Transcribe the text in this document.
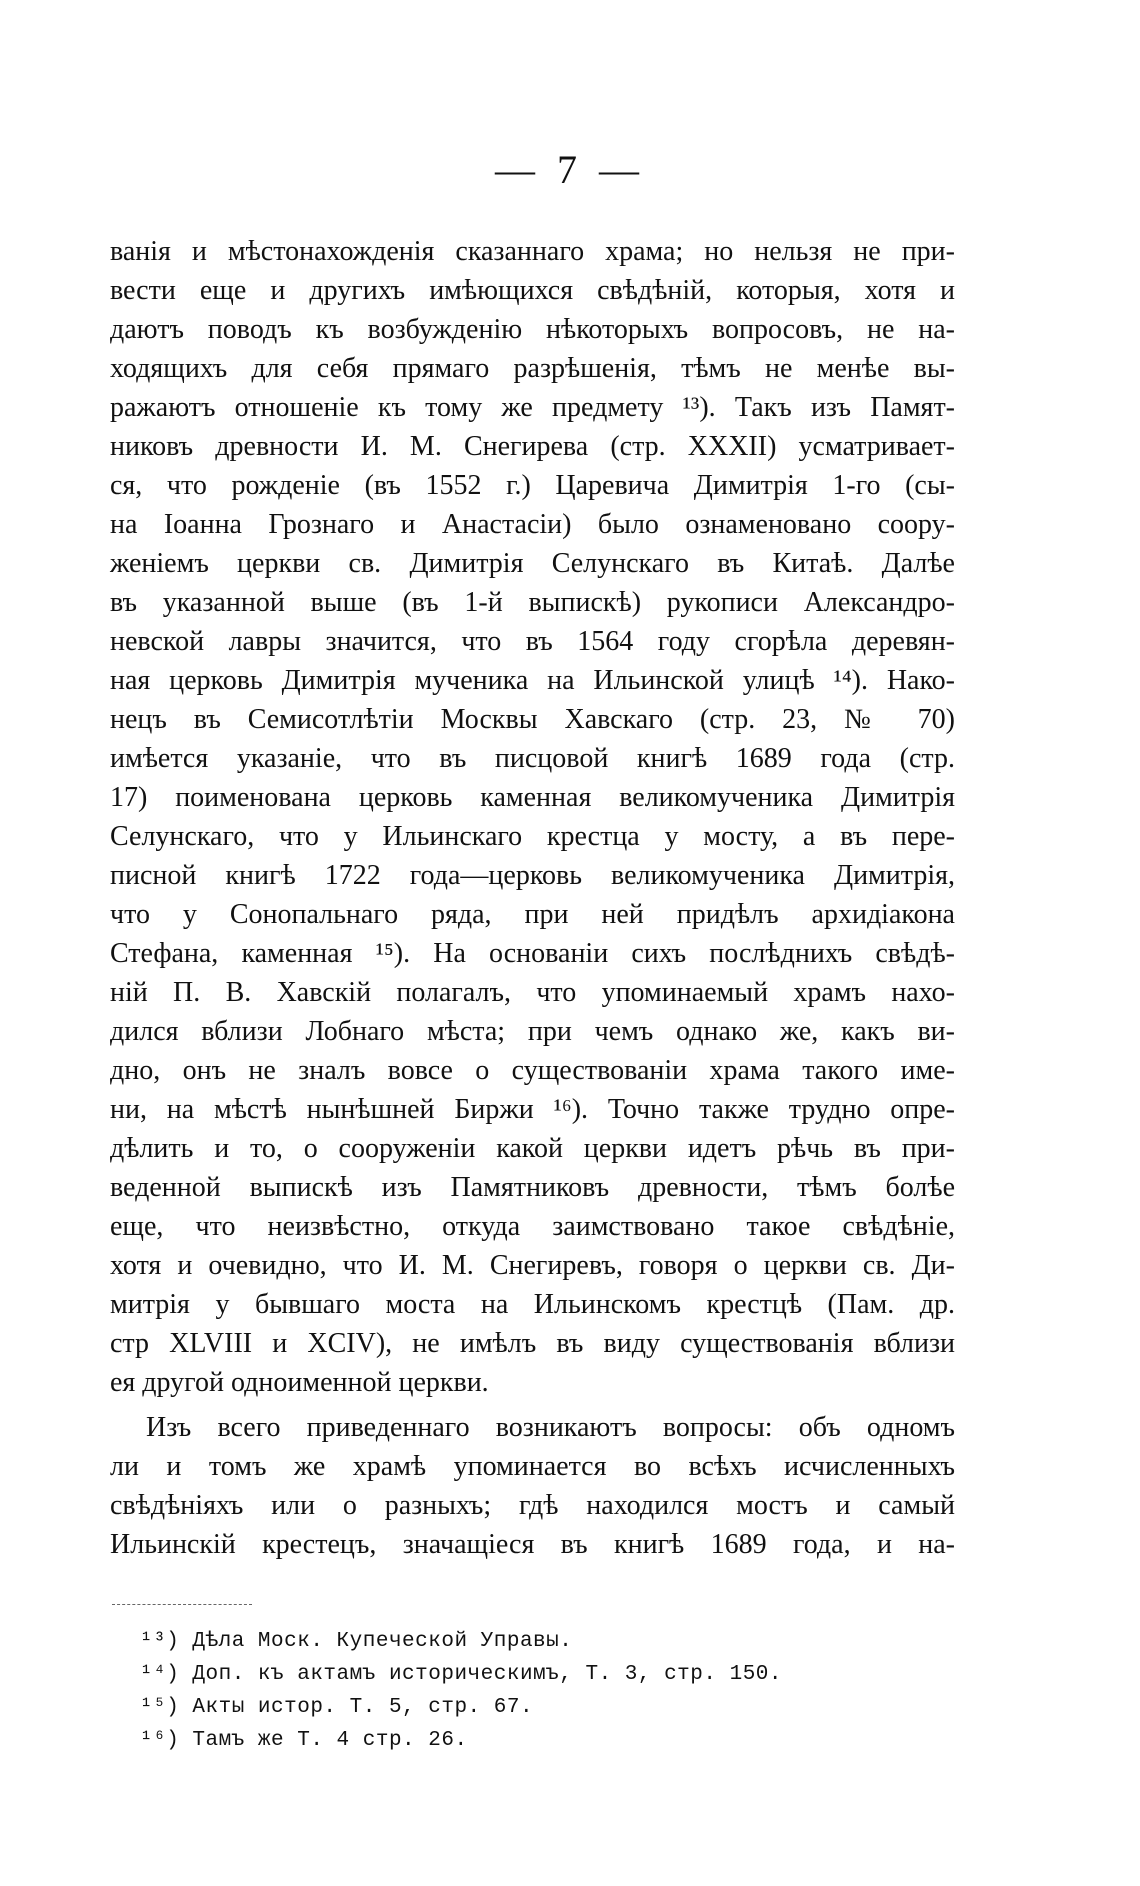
— 7 —
ванія и мѣстонахожденія сказаннаго храма; но нельзя не при-
вести еще и другихъ имѣющихся свѣдѣній, которыя, хотя и
даютъ поводъ къ возбужденію нѣкоторыхъ вопросовъ, не на-
ходящихъ для себя прямаго разрѣшенія, тѣмъ не менѣе вы-
ражаютъ отношеніе къ тому же предмету ¹³). Такъ изъ Памят-
никовъ древности И. М. Снегирева (стр. XXXII) усматривает-
ся, что рожденіе (въ 1552 г.) Царевича Димитрія 1-го (сы-
на Іоанна Грознаго и Анастасіи) было ознаменовано соору-
женіемъ церкви св. Димитрія Селунскаго въ Китаѣ. Далѣе
въ указанной выше (въ 1-й выпискѣ) рукописи Александро-
невской лавры значится, что въ 1564 году сгорѣла деревян-
ная церковь Димитрія мученика на Ильинской улицѣ ¹⁴). Нако-
нецъ въ Семисотлѣтіи Москвы Хавскаго (стр. 23, № 70)
имѣется указаніе, что въ писцовой книгѣ 1689 года (стр.
17) поименована церковь каменная великомученика Димитрія
Селунскаго, что у Ильинскаго крестца у мосту, а въ пере-
писной книгѣ 1722 года—церковь великомученика Димитрія,
что у Сонопальнаго ряда, при ней придѣлъ архидіакона
Стефана, каменная ¹⁵). На основаніи сихъ послѣднихъ свѣдѣ-
ній П. В. Хавскій полагалъ, что упоминаемый храмъ нахо-
дился вблизи Лобнаго мѣста; при чемъ однако же, какъ ви-
дно, онъ не зналъ вовсе о существованіи храма такого име-
ни, на мѣстѣ нынѣшней Биржи ¹⁶). Точно также трудно опре-
дѣлить и то, о сооруженіи какой церкви идетъ рѣчь въ при-
веденной выпискѣ изъ Памятниковъ древности, тѣмъ болѣе
еще, что неизвѣстно, откуда заимствовано такое свѣдѣніе,
хотя и очевидно, что И. М. Снегиревъ, говоря о церкви св. Ди-
митрія у бывшаго моста на Ильинскомъ крестцѣ (Пам. др.
стр XLVIII и XCIV), не имѣлъ въ виду существованія вблизи
ея другой одноименной церкви.
Изъ всего приведеннаго возникаютъ вопросы: объ одномъ
ли и томъ же храмѣ упоминается во всѣхъ исчисленныхъ
свѣдѣніяхъ или о разныхъ; гдѣ находился мостъ и самый
Ильинскій крестецъ, значащіеся въ книгѣ 1689 года, и на-
¹³) Дѣла Моск. Купеческой Управы.
¹⁴) Доп. къ актамъ историческимъ, Т. 3, стр. 150.
¹⁵) Акты истор. Т. 5, стр. 67.
¹⁶) Тамъ же Т. 4 стр. 26.
